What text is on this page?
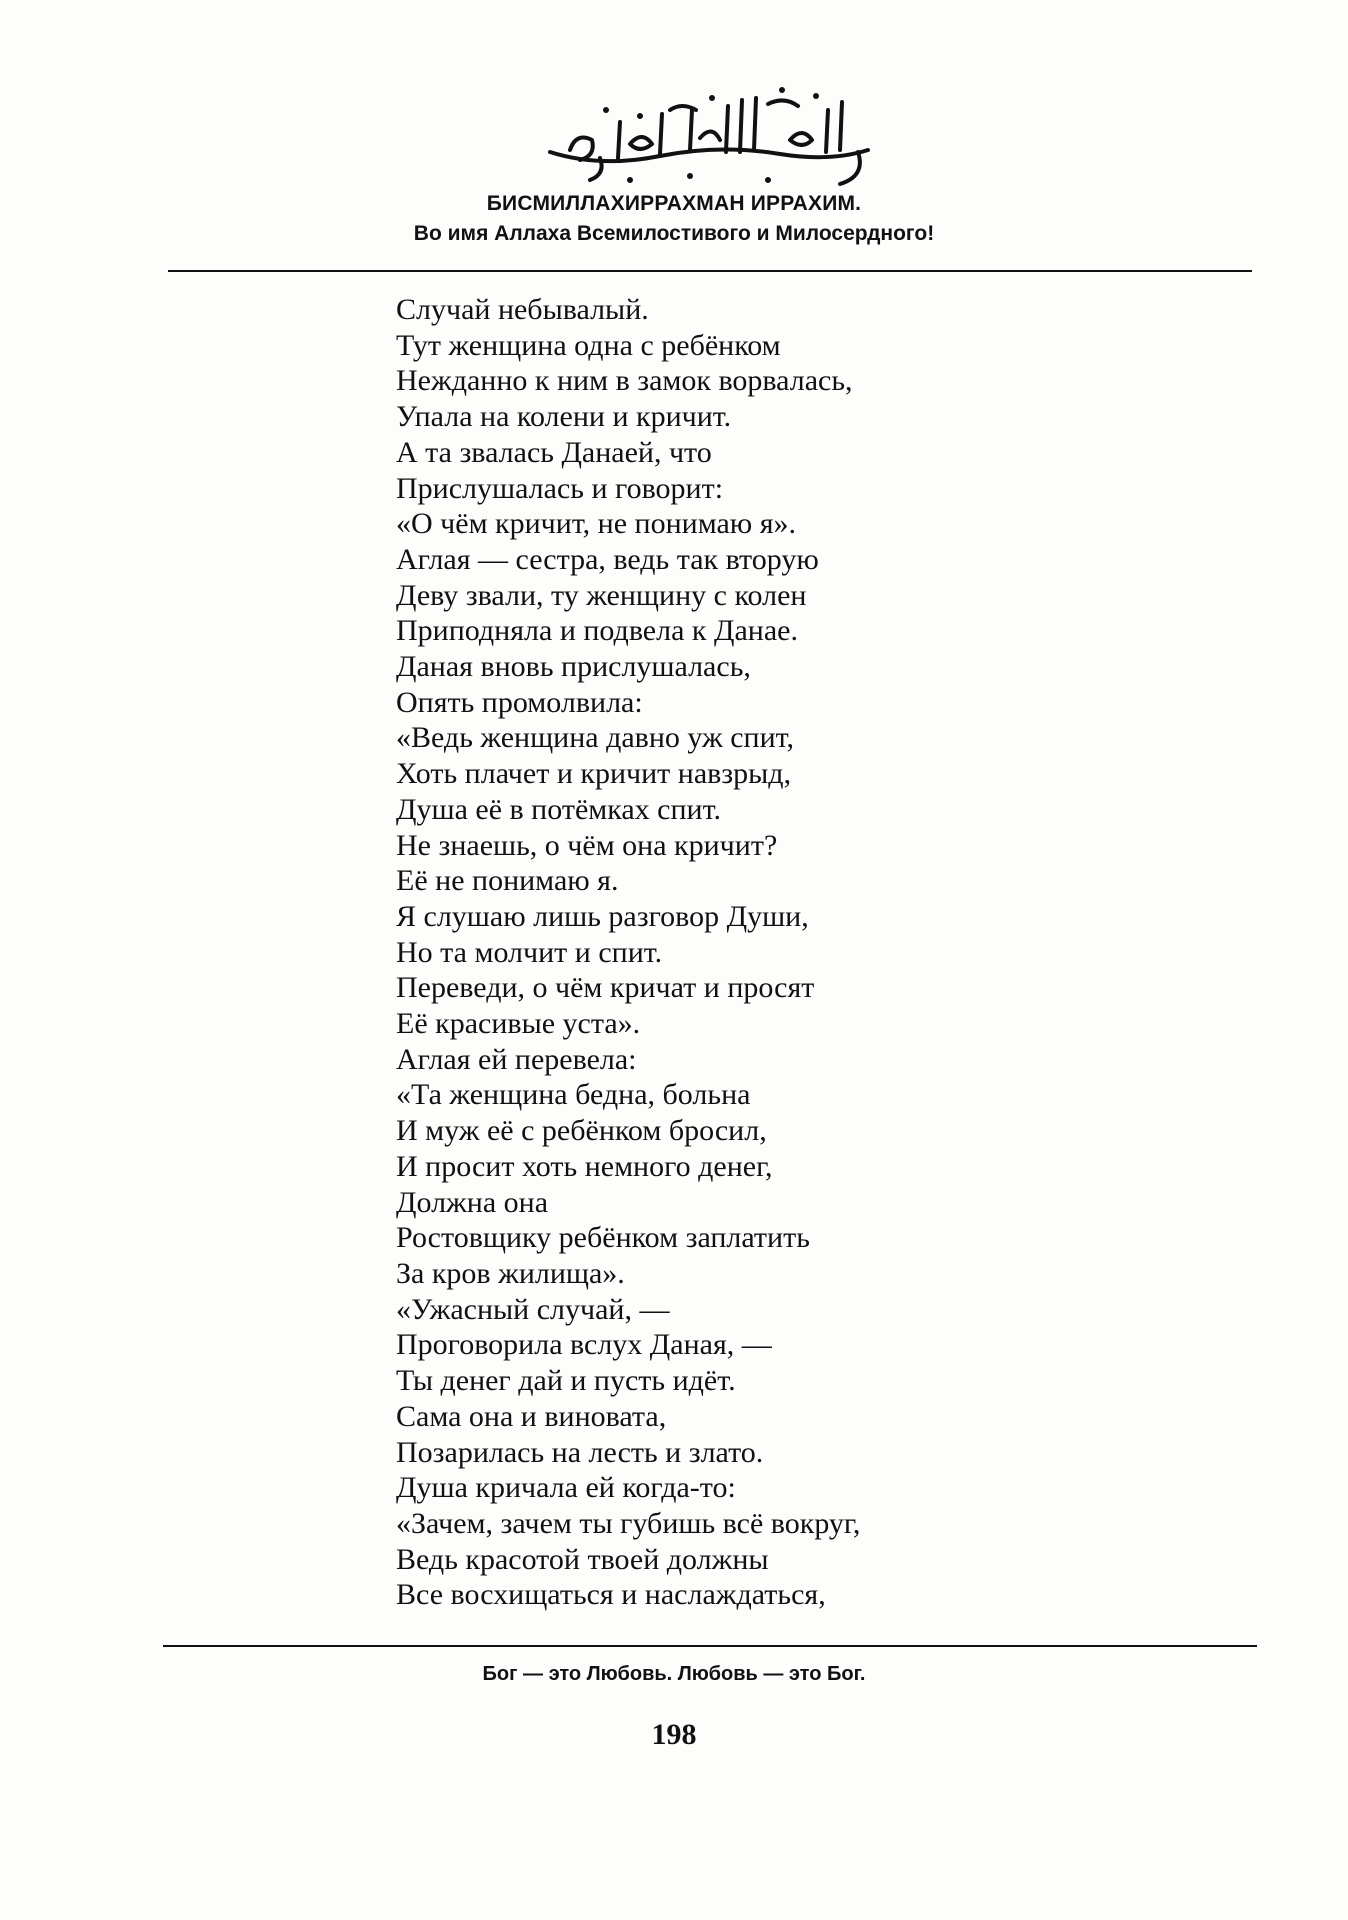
БИСМИЛЛАХИРРАХМАН ИРРАХИМ.
Во имя Аллаха Всемилостивого и Милосердного!
Случай небывалый.
Тут женщина одна с ребёнком
Нежданно к ним в замок ворвалась,
Упала на колени и кричит.
А та звалась Данаей, что
Прислушалась и говорит:
«О чём кричит, не понимаю я».
Аглая — сестра, ведь так вторую
Деву звали, ту женщину с колен
Приподняла и подвела к Данае.
Даная вновь прислушалась,
Опять промолвила:
«Ведь женщина давно уж спит,
Хоть плачет и кричит навзрыд,
Душа её в потёмках спит.
Не знаешь, о чём она кричит?
Её не понимаю я.
Я слушаю лишь разговор Души,
Но та молчит и спит.
Переведи, о чём кричат и просят
Её красивые уста».
Аглая ей перевела:
«Та женщина бедна, больна
И муж её с ребёнком бросил,
И просит хоть немного денег,
Должна она
Ростовщику ребёнком заплатить
За кров жилища».
«Ужасный случай, —
Проговорила вслух Даная, —
Ты денег дай и пусть идёт.
Сама она и виновата,
Позарилась на лесть и злато.
Душа кричала ей когда-то:
«Зачем, зачем ты губишь всё вокруг,
Ведь красотой твоей должны
Все восхищаться и наслаждаться,
Бог — это Любовь. Любовь — это Бог.
198
